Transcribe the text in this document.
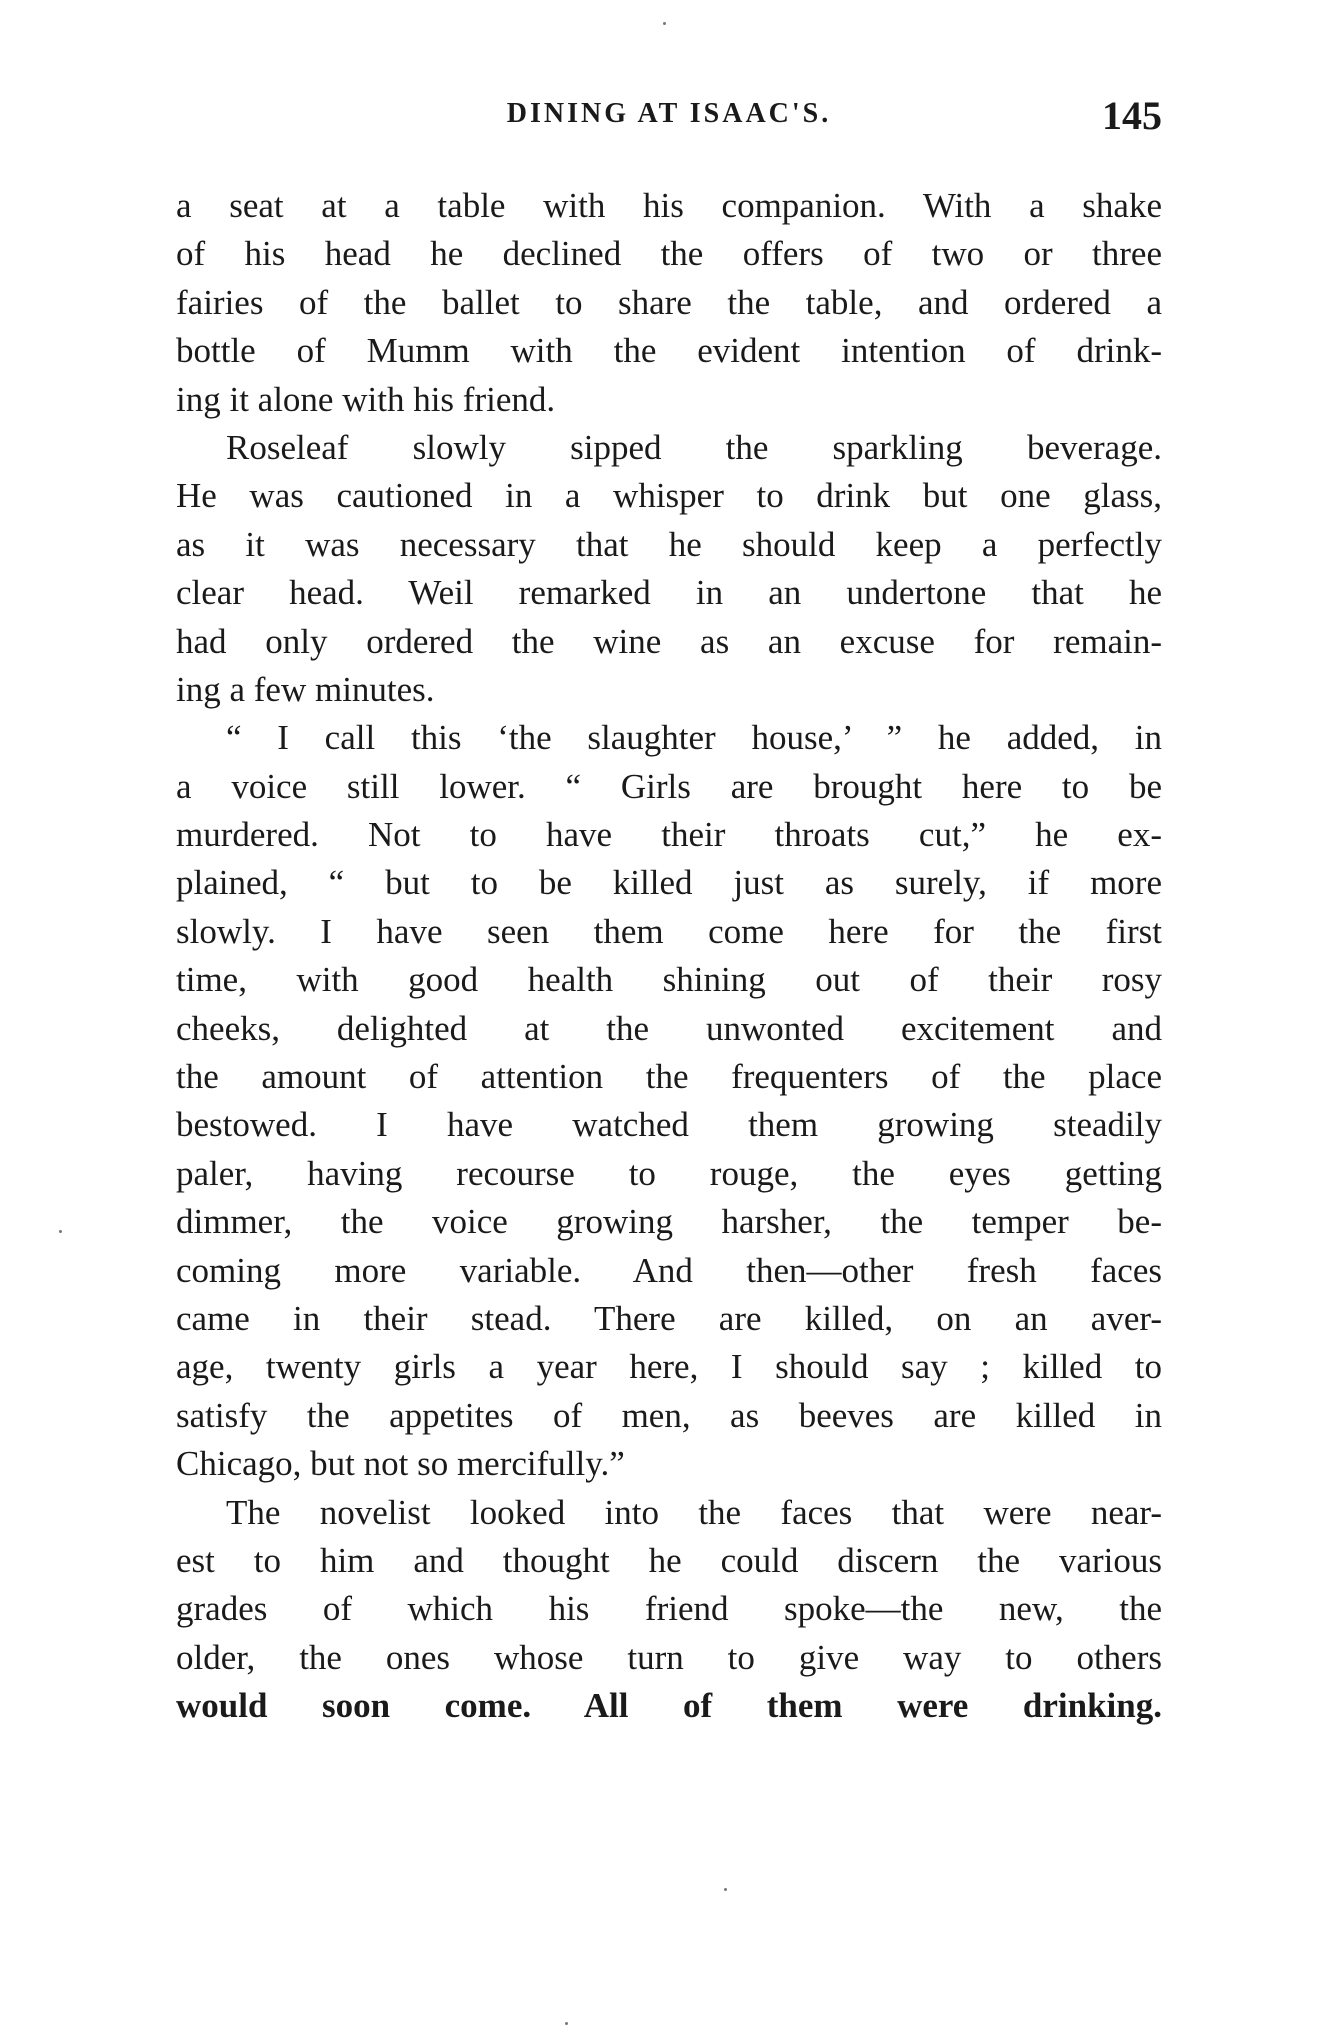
DINING AT ISAAC'S.	145
a seat at a table with his companion. With a shake
of his head he declined the offers of two or three
fairies of the ballet to share the table, and ordered a
bottle of Mumm with the evident intention of drink-
ing it alone with his friend.
Roseleaf slowly sipped the sparkling beverage.
He was cautioned in a whisper to drink but one glass,
as it was necessary that he should keep a perfectly
clear head. Weil remarked in an undertone that he
had only ordered the wine as an excuse for remain-
ing a few minutes.
“ I call this ‘the slaughter house,’ ” he added, in
a voice still lower. “ Girls are brought here to be
murdered. Not to have their throats cut,” he ex-
plained, “ but to be killed just as surely, if more
slowly. I have seen them come here for the first
time, with good health shining out of their rosy
cheeks, delighted at the unwonted excitement and
the amount of attention the frequenters of the place
bestowed. I have watched them growing steadily
paler, having recourse to rouge, the eyes getting
dimmer, the voice growing harsher, the temper be-
coming more variable. And then—other fresh faces
came in their stead. There are killed, on an aver-
age, twenty girls a year here, I should say ; killed to
satisfy the appetites of men, as beeves are killed in
Chicago, but not so mercifully.”
The novelist looked into the faces that were near-
est to him and thought he could discern the various
grades of which his friend spoke—the new, the
older, the ones whose turn to give way to others
would soon come. All of them were drinking.
